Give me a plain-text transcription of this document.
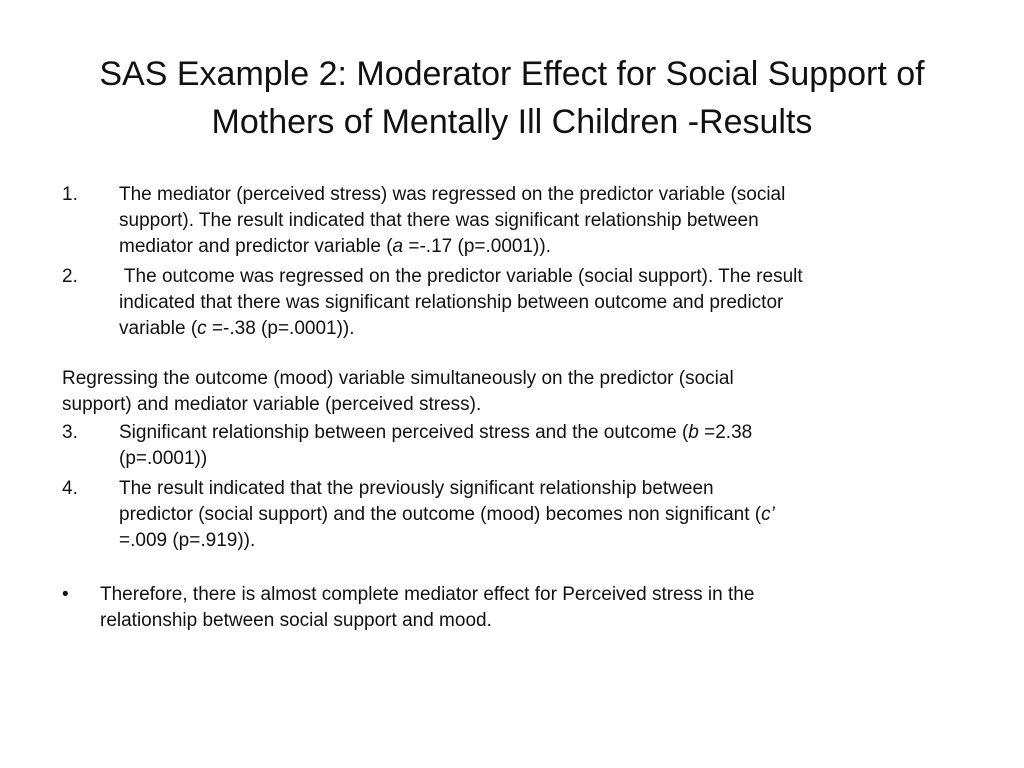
SAS Example 2: Moderator Effect for Social Support of
Mothers of Mentally Ill Children -Results
1. The mediator (perceived stress) was regressed on the predictor variable (social
support). The result indicated that there was significant relationship between
mediator and predictor variable (a =-.17 (p=.0001)).
2. The outcome was regressed on the predictor variable (social support). The result
indicated that there was significant relationship between outcome and predictor
variable (c =-.38 (p=.0001)).
Regressing the outcome (mood) variable simultaneously on the predictor (social
support) and mediator variable (perceived stress).
3. Significant relationship between perceived stress and the outcome (b =2.38
(p=.0001))
4. The result indicated that the previously significant relationship between
predictor (social support) and the outcome (mood) becomes non significant (c’
=.009 (p=.919)).
• Therefore, there is almost complete mediator effect for Perceived stress in the
relationship between social support and mood.
